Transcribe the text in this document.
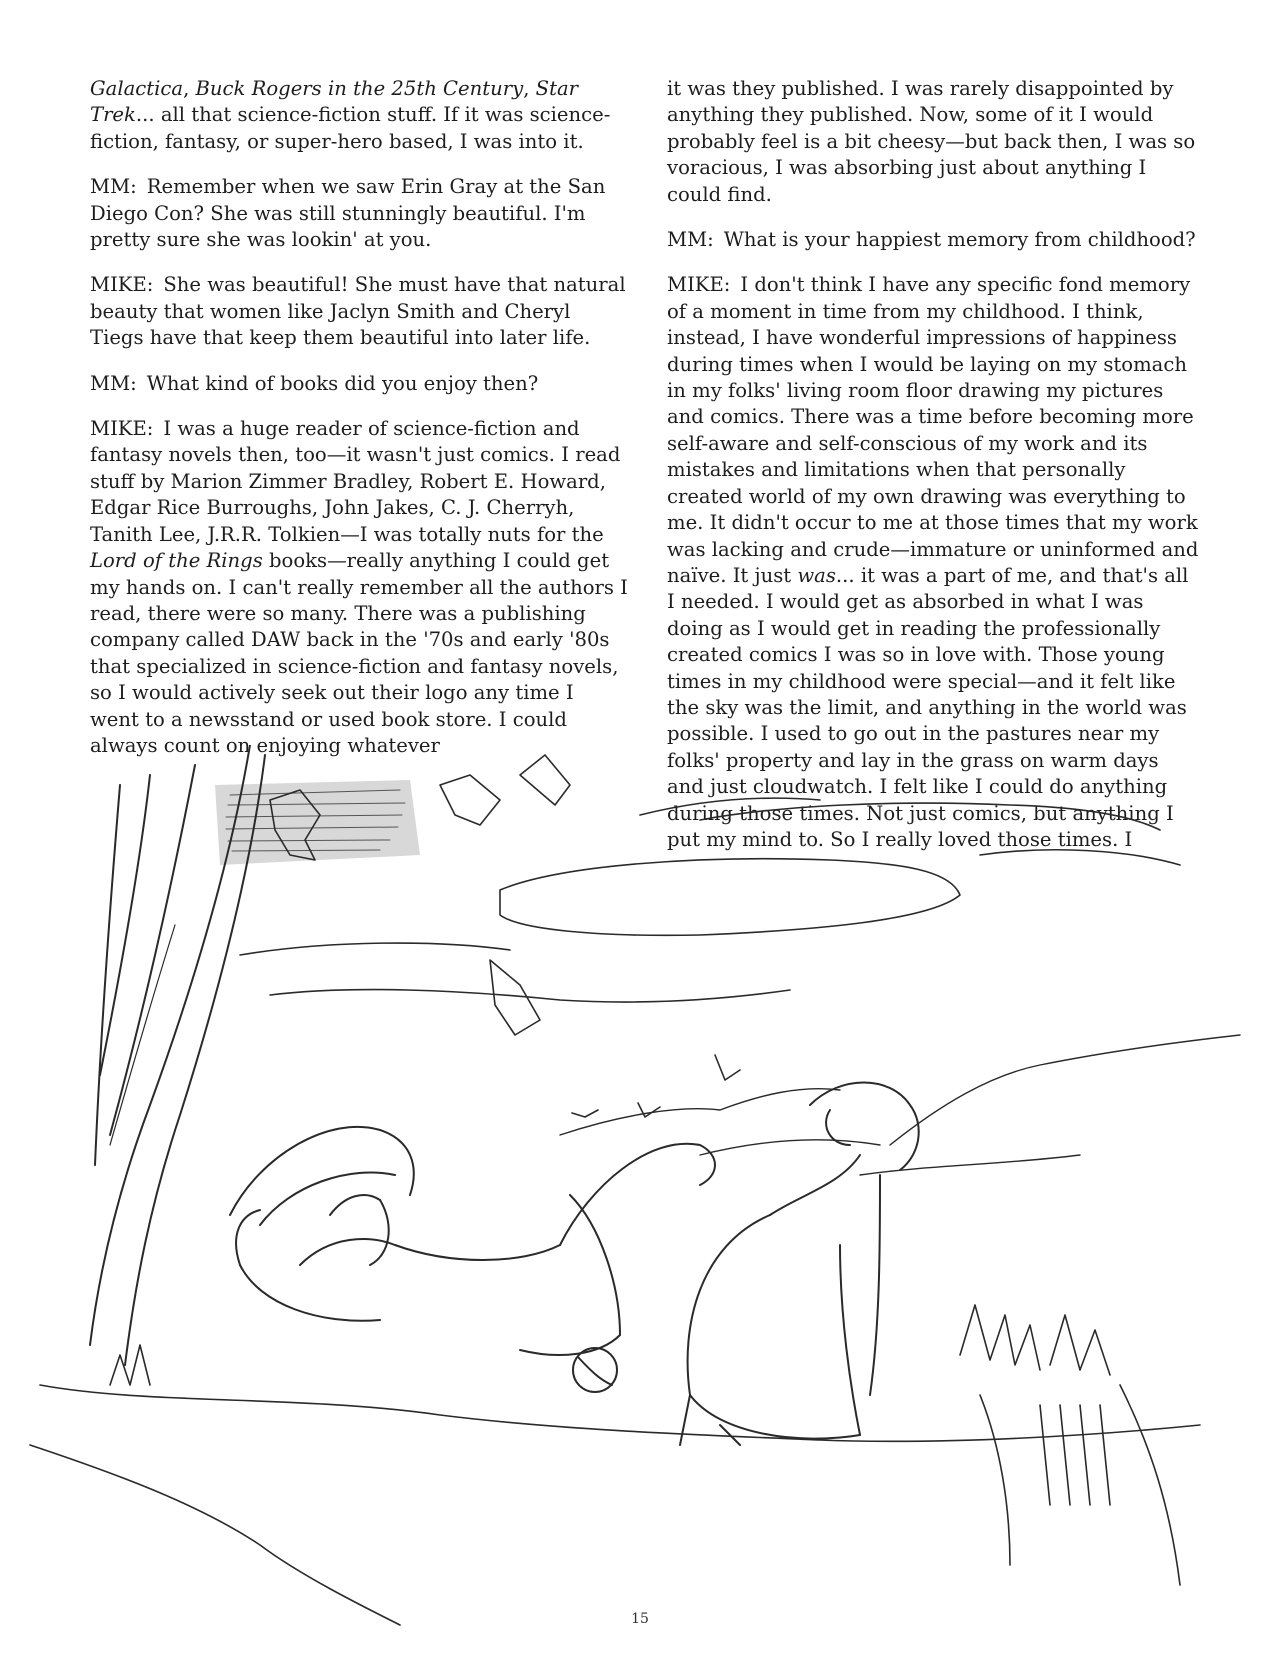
Galactica, Buck Rogers in the 25th Century, Star Trek... all that science-fiction stuff. If it was science-fiction, fantasy, or super-hero based, I was into it.

MM: Remember when we saw Erin Gray at the San Diego Con? She was still stunningly beautiful. I'm pretty sure she was lookin' at you.

MIKE: She was beautiful! She must have that natural beauty that women like Jaclyn Smith and Cheryl Tiegs have that keep them beautiful into later life.

MM: What kind of books did you enjoy then?

MIKE: I was a huge reader of science-fiction and fantasy novels then, too—it wasn't just comics. I read stuff by Marion Zimmer Bradley, Robert E. Howard, Edgar Rice Burroughs, John Jakes, C. J. Cherryh, Tanith Lee, J.R.R. Tolkien—I was totally nuts for the Lord of the Rings books—really anything I could get my hands on. I can't really remember all the authors I read, there were so many. There was a publishing company called DAW back in the '70s and early '80s that specialized in science-fiction and fantasy novels, so I would actively seek out their logo any time I went to a newsstand or used book store. I could always count on enjoying whatever

it was they published. I was rarely disappointed by anything they published. Now, some of it I would probably feel is a bit cheesy—but back then, I was so voracious, I was absorbing just about anything I could find.

MM: What is your happiest memory from childhood?

MIKE: I don't think I have any specific fond memory of a moment in time from my childhood. I think, instead, I have wonderful impressions of happiness during times when I would be laying on my stomach in my folks' living room floor drawing my pictures and comics. There was a time before becoming more self-aware and self-conscious of my work and its mistakes and limitations when that personally created world of my own drawing was everything to me. It didn't occur to me at those times that my work was lacking and crude—immature or uninformed and naïve. It just was... it was a part of me, and that's all I needed. I would get as absorbed in what I was doing as I would get in reading the professionally created comics I was so in love with. Those young times in my childhood were special—and it felt like the sky was the limit, and anything in the world was possible. I used to go out in the pastures near my folks' property and lay in the grass on warm days and just cloudwatch. I felt like I could do anything during those times. Not just comics, but anything I put my mind to. So I really loved those times. I

15
